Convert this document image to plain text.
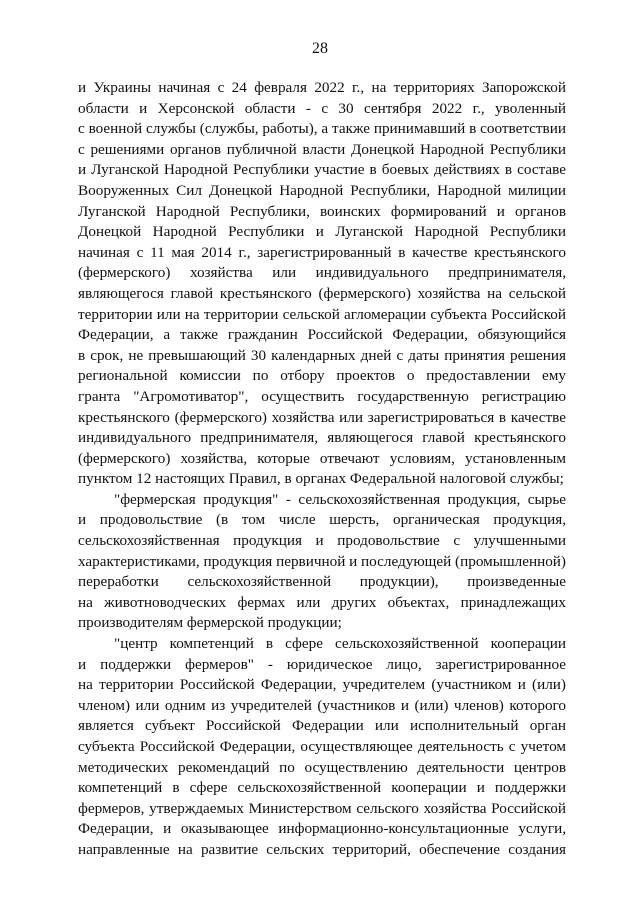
28
и Украины начиная с 24 февраля 2022 г., на территориях Запорожской
области и Херсонской области - с 30 сентября 2022 г., уволенный
с военной службы (службы, работы), а также принимавший в соответствии
с решениями органов публичной власти Донецкой Народной Республики
и Луганской Народной Республики участие в боевых действиях в составе
Вооруженных Сил Донецкой Народной Республики, Народной милиции
Луганской Народной Республики, воинских формирований и органов
Донецкой Народной Республики и Луганской Народной Республики
начиная с 11 мая 2014 г., зарегистрированный в качестве крестьянского
(фермерского) хозяйства или индивидуального предпринимателя,
являющегося главой крестьянского (фермерского) хозяйства на сельской
территории или на территории сельской агломерации субъекта Российской
Федерации, а также гражданин Российской Федерации, обязующийся
в срок, не превышающий 30 календарных дней с даты принятия решения
региональной комиссии по отбору проектов о предоставлении ему
гранта "Агромотиватор", осуществить государственную регистрацию
крестьянского (фермерского) хозяйства или зарегистрироваться в качестве
индивидуального предпринимателя, являющегося главой крестьянского
(фермерского) хозяйства, которые отвечают условиям, установленным
пунктом 12 настоящих Правил, в органах Федеральной налоговой службы;
"фермерская продукция" - сельскохозяйственная продукция, сырье
и продовольствие (в том числе шерсть, органическая продукция,
сельскохозяйственная продукция и продовольствие с улучшенными
характеристиками, продукция первичной и последующей (промышленной)
переработки сельскохозяйственной продукции), произведенные
на животноводческих фермах или других объектах, принадлежащих
производителям фермерской продукции;
"центр компетенций в сфере сельскохозяйственной кооперации
и поддержки фермеров" - юридическое лицо, зарегистрированное
на территории Российской Федерации, учредителем (участником и (или)
членом) или одним из учредителей (участников и (или) членов) которого
является субъект Российской Федерации или исполнительный орган
субъекта Российской Федерации, осуществляющее деятельность с учетом
методических рекомендаций по осуществлению деятельности центров
компетенций в сфере сельскохозяйственной кооперации и поддержки
фермеров, утверждаемых Министерством сельского хозяйства Российской
Федерации, и оказывающее информационно-консультационные услуги,
направленные на развитие сельских территорий, обеспечение создания
